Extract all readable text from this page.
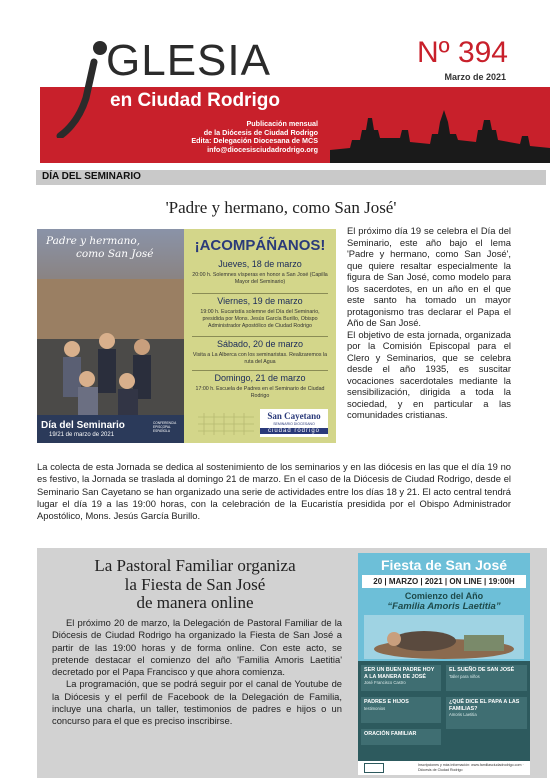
GLESIA	Nº 394
Marzo de 2021
en Ciudad Rodrigo
Publicación mensual
de la Diócesis de Ciudad Rodrigo
Edita: Delegación Diocesana de MCS
info@diocesisciudadrodrigo.org
DÍA DEL SEMINARIO
'Padre y hermano, como San José'
Padre y hermano,
como San José
Día del Seminario
19/21 de marzo de 2021
CONFERENCIA EPISCOPAL ESPAÑOLA
¡ACOMPÁÑANOS!
Jueves, 18 de marzo
20:00 h. Solemnes vísperas en honor a San José (Capilla Mayor del Seminario)
Viernes, 19 de marzo
19:00 h. Eucaristía solemne del Día del Seminario, presidida por Mons. Jesús García Burillo, Obispo Administrador Apostólico de Ciudad Rodrigo
Sábado, 20 de marzo
Visita a La Alberca con los seminaristas. Realizaremos la ruta del Agua
Domingo, 21 de marzo
17:00 h. Escuela de Padres en el Seminario de Ciudad Rodrigo
San Cayetano
SEMINARIO DIOCESANO
ciudad rodrigo

El próximo día 19 se celebra el Día del Seminario, este año bajo el lema 'Padre y hermano, como San José', que quiere resaltar especialmente la figura de San José, como modelo para los sacerdotes, en un año en el que este santo ha tomado un mayor protagonismo tras declarar el Papa el Año de San José.

El objetivo de esta jornada, organizada por la Comisión Episcopal para el Clero y Seminarios, que se celebra desde el año 1935, es suscitar vocaciones sacerdotales mediante la sensibilización, dirigida a toda la sociedad, y en particular a las comunidades cristianas.

La colecta de esta Jornada se dedica al sostenimiento de los seminarios y en las diócesis en las que el día 19 no es festivo, la Jornada se traslada al domingo 21 de marzo. En el caso de la Diócesis de Ciudad Rodrigo, desde el Seminario San Cayetano se han organizado una serie de actividades entre los días 18 y 21. El acto central tendrá lugar el día 19 a las 19:00 horas, con la celebración de la Eucaristía presidida por el Obispo Administrador Apostólico, Mons. Jesús García Burillo.
La Pastoral Familiar organiza
la Fiesta de San José
de manera online

El próximo 20 de marzo, la Delegación de Pastoral Familiar de la Diócesis de Ciudad Rodrigo ha organizado la Fiesta de San José a partir de las 19:00 horas y de forma online. Con este acto, se pretende destacar el comienzo del año 'Familia Amoris Laetitia' decretado por el Papa Francisco y que ahora comienza.

La programación, que se podrá seguir por el canal de Youtube de la Diócesis y el perfil de Facebook de la Delegación de Familia, incluye una charla, un taller, testimonios de padres e hijos o un concurso para el que es preciso inscribirse.

Fiesta de San José
20 | MARZO | 2021 | ON LINE | 19:00H
Comienzo del Año
“Familia Amoris Laetitia”
SER UN BUEN PADRE HOY A LA MANERA DE JOSÉ
José Francisco Castro
EL SUEÑO DE SAN JOSÉ
Taller para niños
PADRES E HIJOS
testimonios
¿QUÉ DICE EL PAPA A LAS FAMILIAS?
Amoris Laetitia
ORACIÓN FAMILIAR
Inscripciones y más información: www.familiasciudadrodrigo.com · Diócesis de Ciudad Rodrigo
